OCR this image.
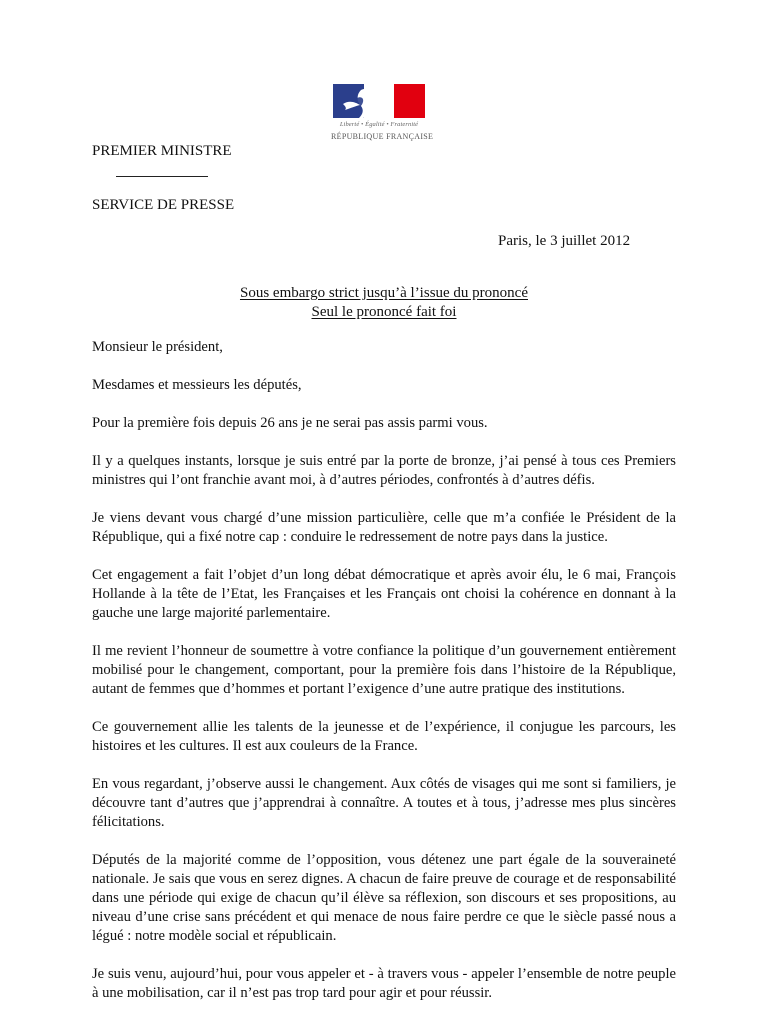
Liberté • Égalité • Fraternité
RÉPUBLIQUE FRANÇAISE
PREMIER MINISTRE
SERVICE DE PRESSE
Paris, le 3 juillet 2012
Sous embargo strict jusqu’à l’issue du prononcé
Seul le prononcé fait foi

Monsieur le président,

Mesdames et messieurs les députés,

Pour la première fois depuis 26 ans je ne serai pas assis parmi vous.

Il y a quelques instants, lorsque je suis entré par la porte de bronze, j’ai pensé à tous ces Premiers ministres qui l’ont franchie avant moi, à d’autres périodes, confrontés à d’autres défis.

Je viens devant vous chargé d’une mission particulière, celle que m’a confiée le Président de la République, qui a fixé notre cap : conduire le redressement de notre pays dans la justice.

Cet engagement a fait l’objet d’un long débat démocratique et après avoir élu, le 6 mai, François Hollande à la tête de l’Etat, les Françaises et les Français ont choisi la cohérence en donnant à la gauche une large majorité parlementaire.

Il me revient l’honneur de soumettre à votre confiance la politique d’un gouvernement entièrement mobilisé pour le changement, comportant, pour la première fois dans l’histoire de la République, autant de femmes que d’hommes et portant l’exigence d’une autre pratique des institutions.

Ce gouvernement allie les talents de la jeunesse et de l’expérience, il conjugue les parcours, les histoires et les cultures. Il est aux couleurs de la France.

En vous regardant, j’observe aussi le changement. Aux côtés de visages qui me sont si familiers, je découvre tant d’autres que j’apprendrai à connaître. A toutes et à tous, j’adresse mes plus sincères félicitations.

Députés de la majorité comme de l’opposition, vous détenez une part égale de la souveraineté nationale. Je sais que vous en serez dignes. A chacun de faire preuve de courage et de responsabilité dans une période qui exige de chacun qu’il élève sa réflexion, son discours et ses propositions, au niveau d’une crise sans précédent et qui menace de nous faire perdre ce que le siècle passé nous a légué : notre modèle social et républicain.

Je suis venu, aujourd’hui, pour vous appeler et - à travers vous - appeler l’ensemble de notre peuple à une mobilisation, car il n’est pas trop tard pour agir et pour réussir.
